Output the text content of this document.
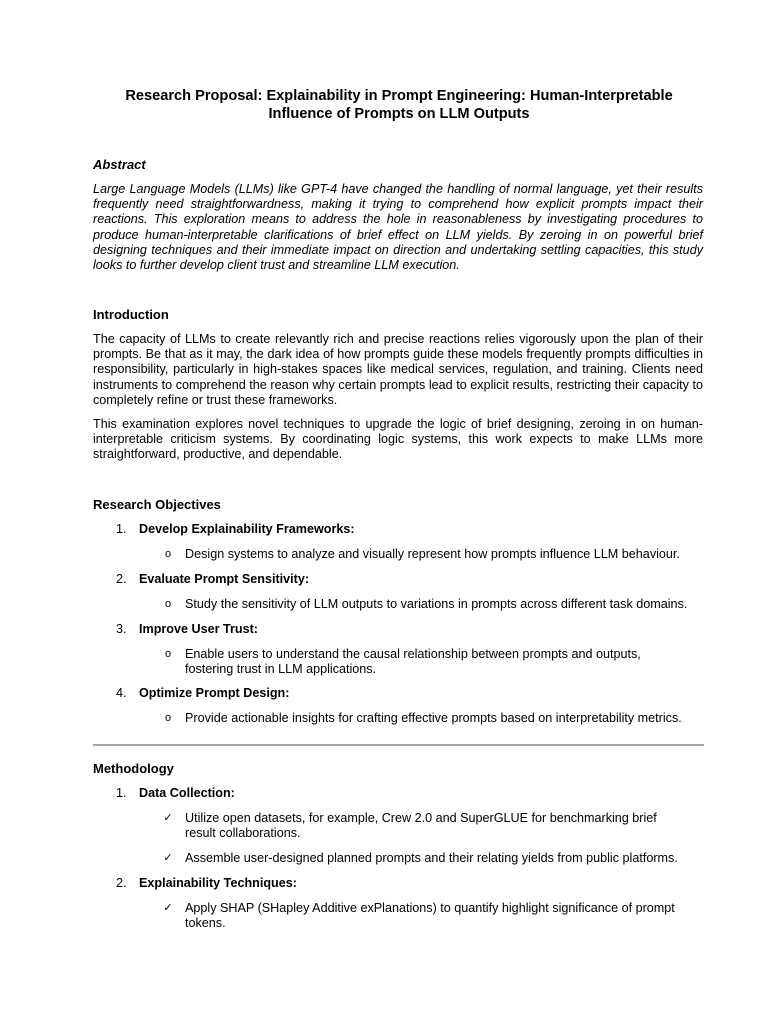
Research Proposal: Explainability in Prompt Engineering: Human-Interpretable Influence of Prompts on LLM Outputs
Abstract
Large Language Models (LLMs) like GPT-4 have changed the handling of normal language, yet their results frequently need straightforwardness, making it trying to comprehend how explicit prompts impact their reactions. This exploration means to address the hole in reasonableness by investigating procedures to produce human-interpretable clarifications of brief effect on LLM yields. By zeroing in on powerful brief designing techniques and their immediate impact on direction and undertaking settling capacities, this study looks to further develop client trust and streamline LLM execution.
Introduction
The capacity of LLMs to create relevantly rich and precise reactions relies vigorously upon the plan of their prompts. Be that as it may, the dark idea of how prompts guide these models frequently prompts difficulties in responsibility, particularly in high-stakes spaces like medical services, regulation, and training. Clients need instruments to comprehend the reason why certain prompts lead to explicit results, restricting their capacity to completely refine or trust these frameworks.
This examination explores novel techniques to upgrade the logic of brief designing, zeroing in on human-interpretable criticism systems. By coordinating logic systems, this work expects to make LLMs more straightforward, productive, and dependable.
Research Objectives
1. Develop Explainability Frameworks:
o	Design systems to analyze and visually represent how prompts influence LLM behaviour.
2. Evaluate Prompt Sensitivity:
o	Study the sensitivity of LLM outputs to variations in prompts across different task domains.
3. Improve User Trust:
o	Enable users to understand the causal relationship between prompts and outputs, fostering trust in LLM applications.
4. Optimize Prompt Design:
o	Provide actionable insights for crafting effective prompts based on interpretability metrics.
Methodology
1. Data Collection:
✓ Utilize open datasets, for example, Crew 2.0 and SuperGLUE for benchmarking brief result collaborations.
✓ Assemble user-designed planned prompts and their relating yields from public platforms.
2. Explainability Techniques:
✓ Apply SHAP (SHapley Additive exPlanations) to quantify highlight significance of prompt tokens.
